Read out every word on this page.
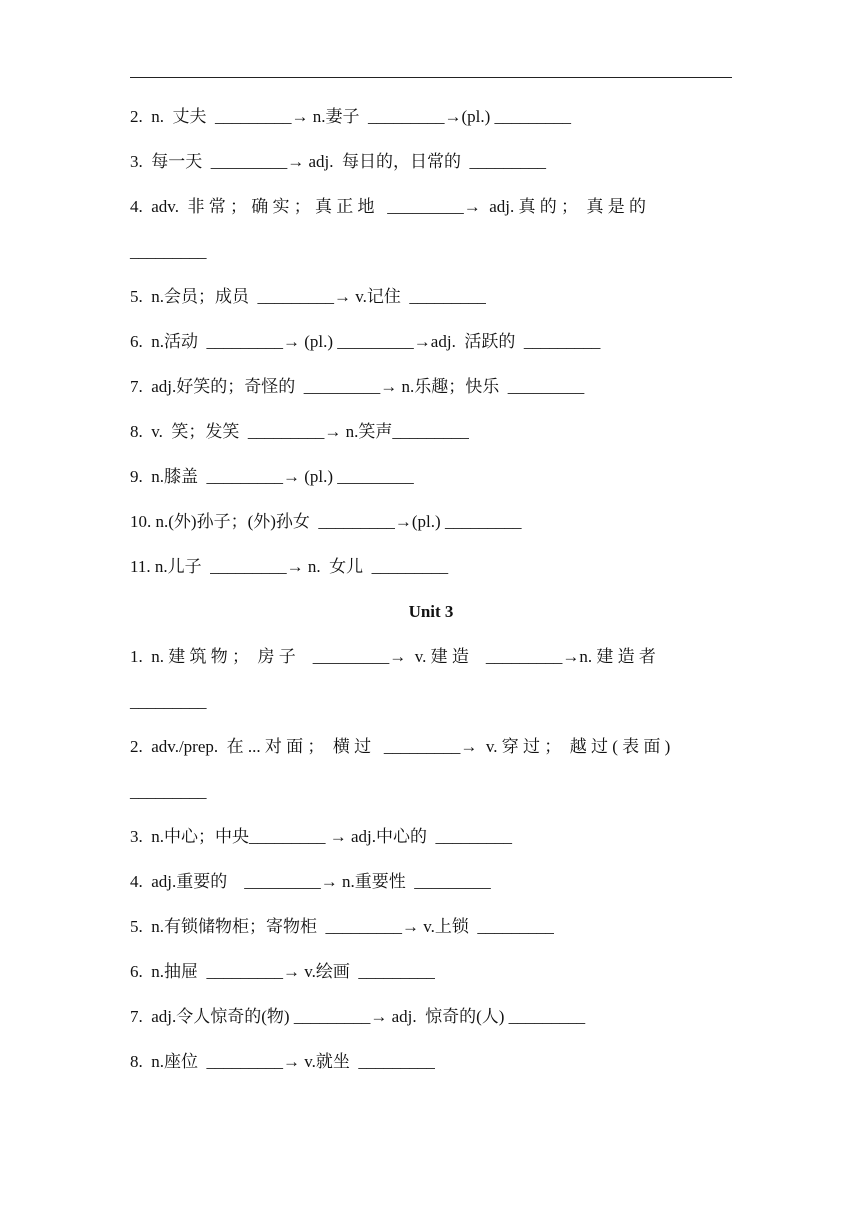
2.  n.  丈夫  _________→ n.妻子  _________→(pl.) _________
3.  每一天  _________→ adj.  每日的，日常的  _________
4.  adv.  非 常 ； 确 实 ； 真 正 地   _________→  adj. 真 的 ；  真 是 的
_________
5.  n.会员；成员  _________→ v.记住  _________
6.  n.活动  _________→ (pl.) _________→adj.  活跃的  _________
7.  adj.好笑的；奇怪的  _________→ n.乐趣；快乐  _________
8.  v.  笑；发笑  _________→ n.笑声_________
9.  n.膝盖  _________→ (pl.) _________
10. n.(外)孙子；(外)孙女  _________→(pl.) _________
11. n.儿子  _________→ n.  女儿  _________
Unit 3
1.  n. 建 筑 物 ；  房 子    _________→  v. 建 造    _________→n. 建 造 者
_________
2.  adv./prep.  在 ... 对 面 ；  横 过   _________→  v. 穿 过 ；  越 过 ( 表 面 )
_________
3.  n.中心；中央_________ → adj.中心的  _________
4.  adj.重要的    _________→ n.重要性  _________
5.  n.有锁储物柜；寄物柜  _________→ v.上锁  _________
6.  n.抽屉  _________→ v.绘画  _________
7.  adj.令人惊奇的(物) _________→ adj.  惊奇的(人) _________
8.  n.座位  _________→ v.就坐  _________
